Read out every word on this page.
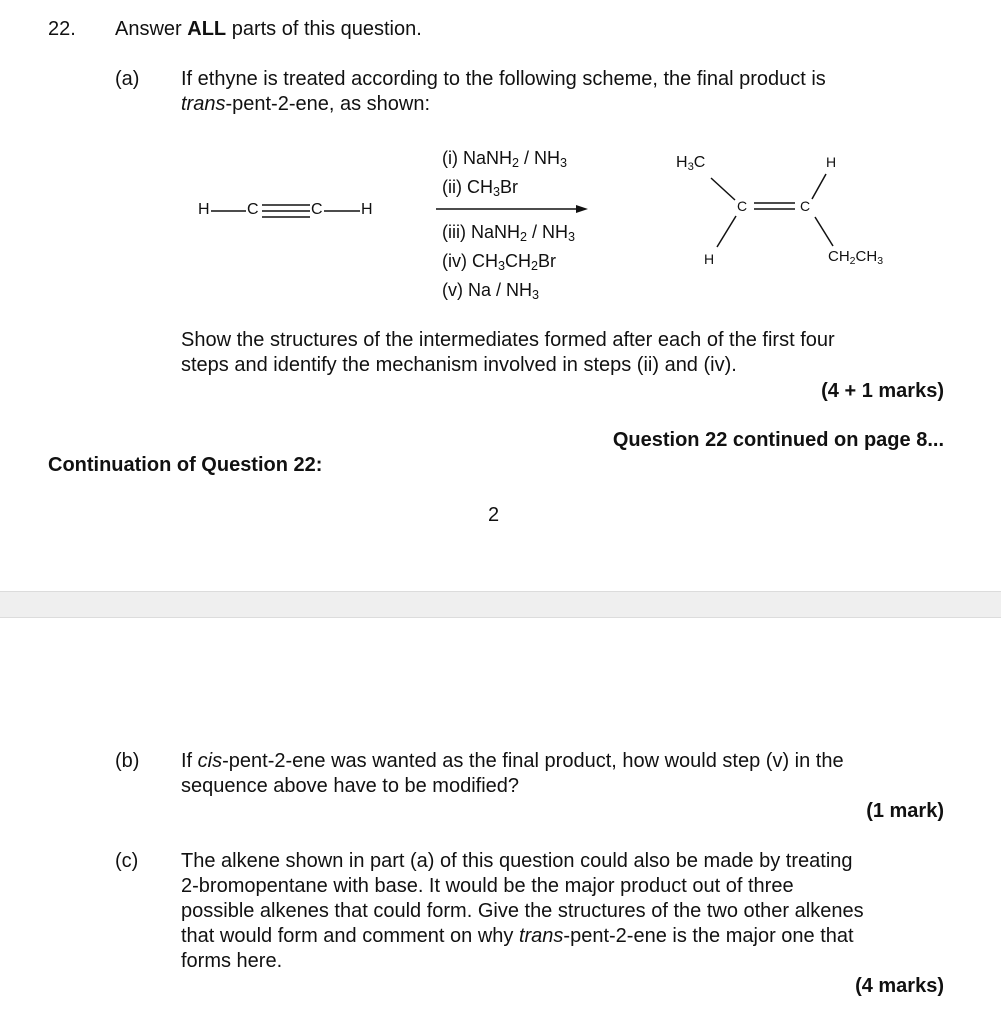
22. Answer ALL parts of this question.
(a) If ethyne is treated according to the following scheme, the final product is
trans-pent-2-ene, as shown:
H C	C H
(i) NaNH$_2$ / $NH_3$
(ii) $CH_3Br$
(iii) NaNH$_2$ / $NH_3$
(iv) $CH_3CH_2Br$
(v) Na / $NH_3$
$H_3C$	H
C	C
H	$CH_2CH_3$
Show the structures of the intermediates formed after each of the first four
steps and identify the mechanism involved in steps (ii) and (iv).
(4 + 1 marks)
Question 22 continued on page 8...
Continuation of Question 22:
2
(b) If cis-pent-2-ene was wanted as the final product, how would step (v) in the
sequence above have to be modified?
(1 mark)
(c) The alkene shown in part (a) of this question could also be made by treating
2-bromopentane with base. It would be the major product out of three
possible alkenes that could form. Give the structures of the two other alkenes
that would form and comment on why trans-pent-2-ene is the major one that
forms here.
(4 marks)
